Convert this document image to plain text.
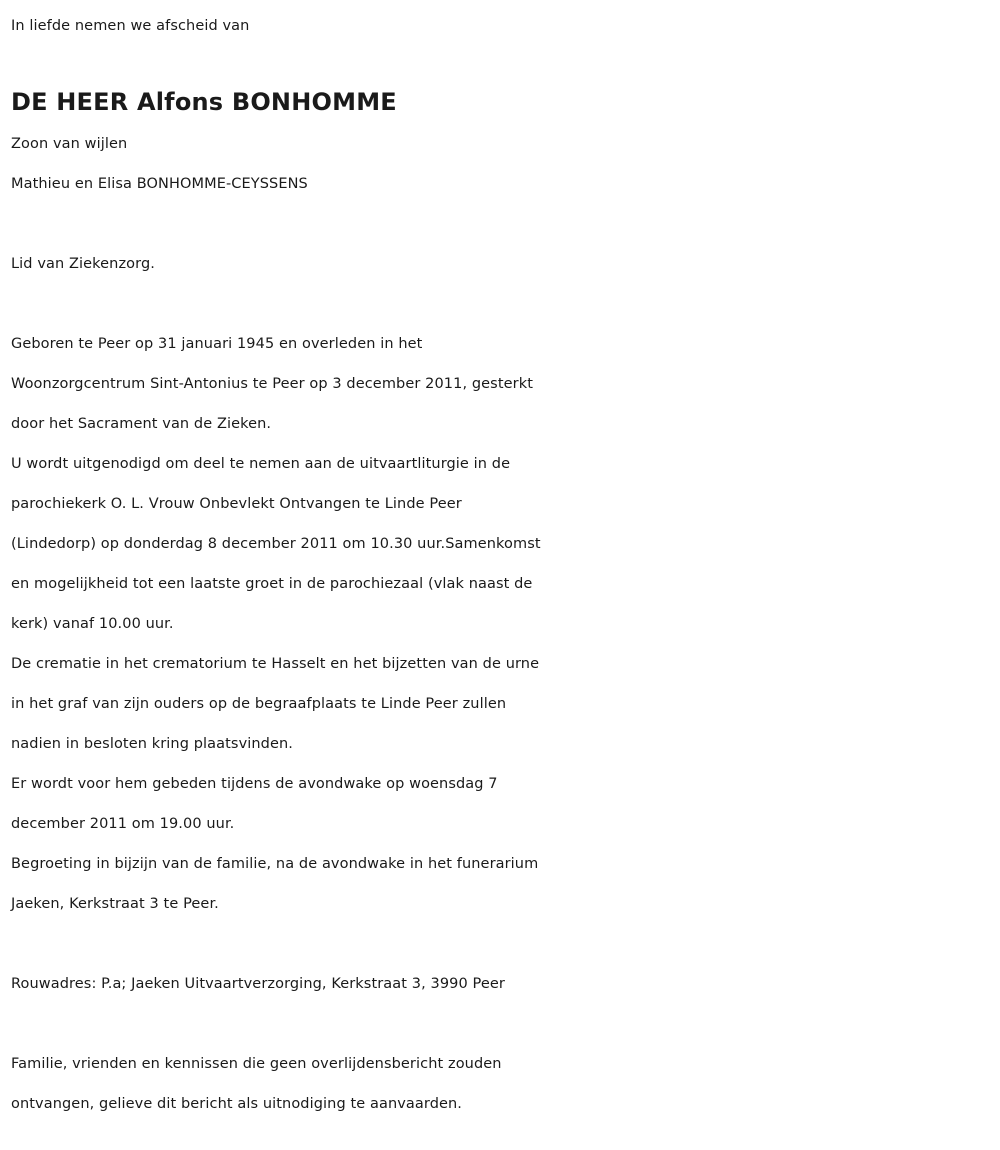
In liefde nemen we afscheid van
DE HEER Alfons BONHOMME
Zoon van wijlen
Mathieu en Elisa BONHOMME-CEYSSENS
Lid van Ziekenzorg.
Geboren te Peer op 31 januari 1945 en overleden in het
Woonzorgcentrum Sint-Antonius te Peer op 3 december 2011, gesterkt
door het Sacrament van de Zieken.
U wordt uitgenodigd om deel te nemen aan de uitvaartliturgie in de
parochiekerk O. L. Vrouw Onbevlekt Ontvangen te Linde Peer
(Lindedorp) op donderdag 8 december 2011 om 10.30 uur.Samenkomst
en mogelijkheid tot een laatste groet in de parochiezaal (vlak naast de
kerk) vanaf 10.00 uur.
De crematie in het crematorium te Hasselt en het bijzetten van de urne
in het graf van zijn ouders op de begraafplaats te Linde Peer zullen
nadien in besloten kring plaatsvinden.
Er wordt voor hem gebeden tijdens de avondwake op woensdag 7
december 2011 om 19.00 uur.
Begroeting in bijzijn van de familie, na de avondwake in het funerarium
Jaeken, Kerkstraat 3 te Peer.
Rouwadres: P.a; Jaeken Uitvaartverzorging, Kerkstraat 3, 3990 Peer
Familie, vrienden en kennissen die geen overlijdensbericht zouden
ontvangen, gelieve dit bericht als uitnodiging te aanvaarden.
